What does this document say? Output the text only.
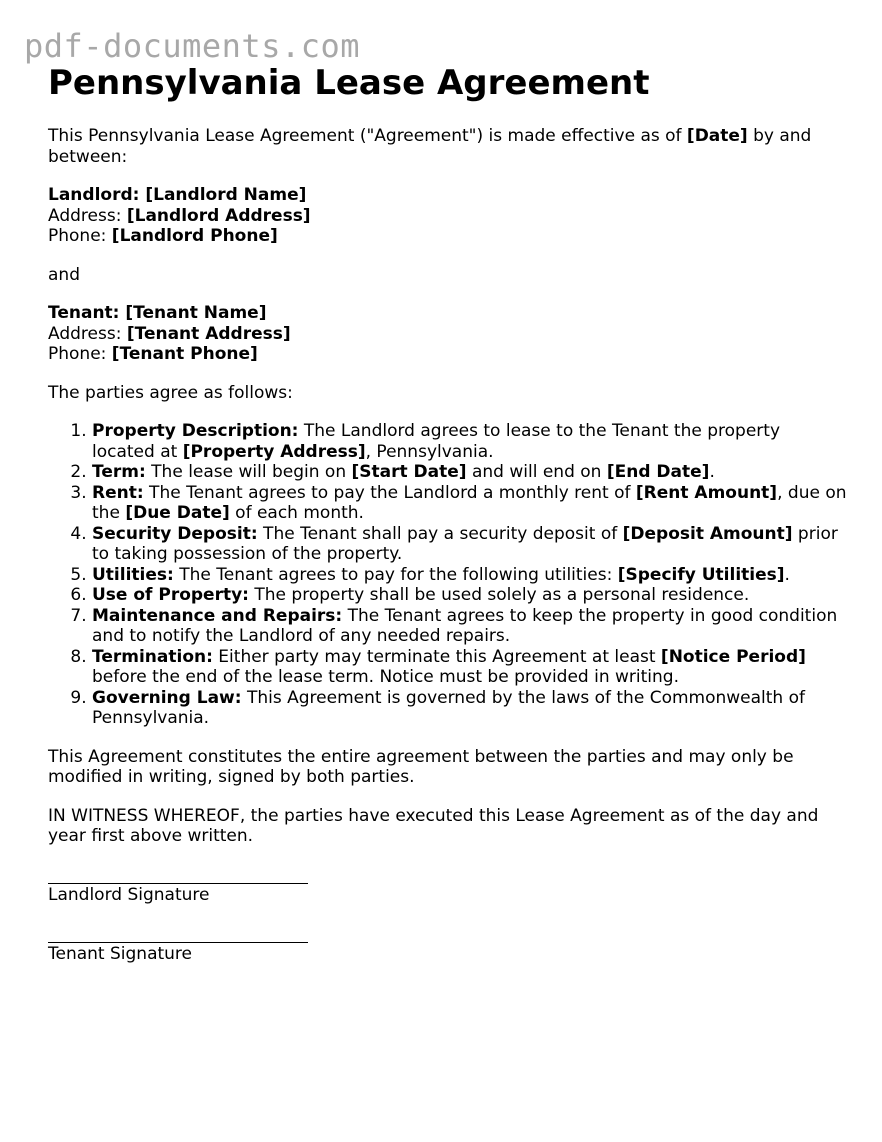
pdf-documents.com
Pennsylvania Lease Agreement

This Pennsylvania Lease Agreement ("Agreement") is made effective as of [Date] by and between:

Landlord: [Landlord Name]

Address: [Landlord Address]

Phone: [Landlord Phone]

and

Tenant: [Tenant Name]

Address: [Tenant Address]

Phone: [Tenant Phone]

The parties agree as follows:

1. Property Description: The Landlord agrees to lease to the Tenant the property located at [Property Address], Pennsylvania.
2. Term: The lease will begin on [Start Date] and will end on [End Date].
3. Rent: The Tenant agrees to pay the Landlord a monthly rent of [Rent Amount], due on the [Due Date] of each month.
4. Security Deposit: The Tenant shall pay a security deposit of [Deposit Amount] prior to taking possession of the property.
5. Utilities: The Tenant agrees to pay for the following utilities: [Specify Utilities].
6. Use of Property: The property shall be used solely as a personal residence.
7. Maintenance and Repairs: The Tenant agrees to keep the property in good condition and to notify the Landlord of any needed repairs.
8. Termination: Either party may terminate this Agreement at least [Notice Period] before the end of the lease term. Notice must be provided in writing.
9. Governing Law: This Agreement is governed by the laws of the Commonwealth of Pennsylvania.

This Agreement constitutes the entire agreement between the parties and may only be modified in writing, signed by both parties.

IN WITNESS WHEREOF, the parties have executed this Lease Agreement as of the day and year first above written.

Landlord Signature

Tenant Signature
